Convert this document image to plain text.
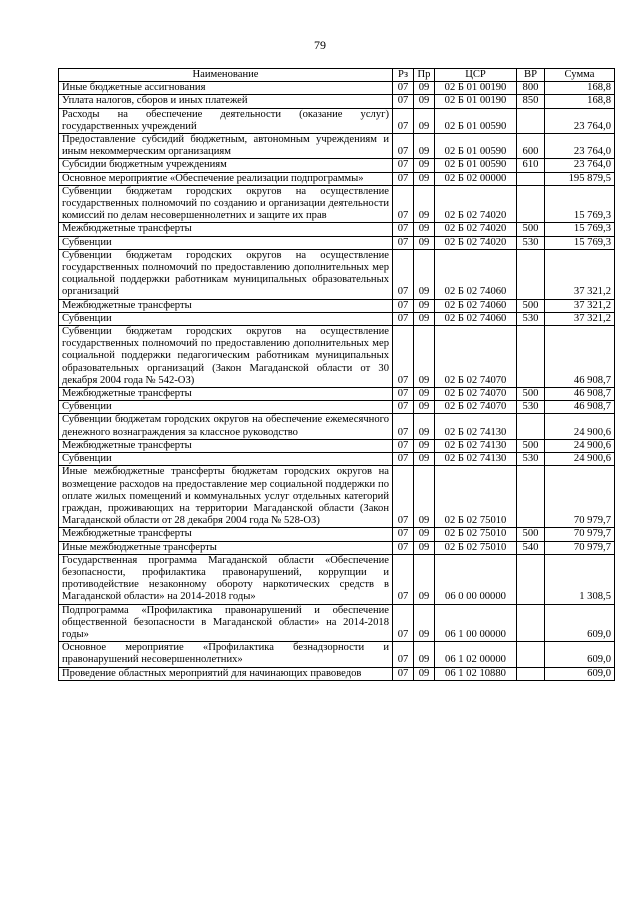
79
Наименование	Рз	Пр	ЦСР	ВР	Сумма
Иные бюджетные ассигнования	07	09	02 Б 01 00190	800	168,8
Уплата налогов, сборов и иных платежей	07	09	02 Б 01 00190	850	168,8
Расходы на обеспечение деятельности (оказание услуг) государственных учреждений	07	09	02 Б 01 00590		23 764,0
Предоставление субсидий бюджетным, автономным учреждениям и иным некоммерческим организациям	07	09	02 Б 01 00590	600	23 764,0
Субсидии бюджетным учреждениям	07	09	02 Б 01 00590	610	23 764,0
Основное мероприятие «Обеспечение реализации подпрограммы»	07	09	02 Б 02 00000		195 879,5
Субвенции бюджетам городских округов на осуществление государственных полномочий по созданию и организации деятельности комиссий по делам несовершеннолетних и защите их прав	07	09	02 Б 02 74020		15 769,3
Межбюджетные трансферты	07	09	02 Б 02 74020	500	15 769,3
Субвенции	07	09	02 Б 02 74020	530	15 769,3
Субвенции бюджетам городских округов на осуществление государственных полномочий по предоставлению дополнительных мер социальной поддержки работникам муниципальных образовательных организаций	07	09	02 Б 02 74060		37 321,2
Межбюджетные трансферты	07	09	02 Б 02 74060	500	37 321,2
Субвенции	07	09	02 Б 02 74060	530	37 321,2
Субвенции бюджетам городских округов на осуществление государственных полномочий по предоставлению дополнительных мер социальной поддержки педагогическим работникам муниципальных образовательных организаций (Закон Магаданской области от 30 декабря 2004 года № 542-ОЗ)	07	09	02 Б 02 74070		46 908,7
Межбюджетные трансферты	07	09	02 Б 02 74070	500	46 908,7
Субвенции	07	09	02 Б 02 74070	530	46 908,7
Субвенции бюджетам городских округов на обеспечение ежемесячного денежного вознаграждения за классное руководство	07	09	02 Б 02 74130		24 900,6
Межбюджетные трансферты	07	09	02 Б 02 74130	500	24 900,6
Субвенции	07	09	02 Б 02 74130	530	24 900,6
Иные межбюджетные трансферты бюджетам городских округов на возмещение расходов на предоставление мер социальной поддержки по оплате жилых помещений и коммунальных услуг отдельных категорий граждан, проживающих на территории Магаданской области (Закон Магаданской области от 28 декабря 2004 года № 528-ОЗ)	07	09	02 Б 02 75010		70 979,7
Межбюджетные трансферты	07	09	02 Б 02 75010	500	70 979,7
Иные межбюджетные трансферты	07	09	02 Б 02 75010	540	70 979,7
Государственная программа Магаданской области «Обеспечение безопасности, профилактика правонарушений, коррупции и противодействие незаконному обороту наркотических средств в Магаданской области» на 2014-2018 годы»	07	09	06 0 00 00000		1 308,5
Подпрограмма «Профилактика правонарушений и обеспечение общественной безопасности в Магаданской области» на 2014-2018 годы»	07	09	06 1 00 00000		609,0
Основное мероприятие «Профилактика безнадзорности и правонарушений несовершеннолетних»	07	09	06 1 02 00000		609,0
Проведение областных мероприятий для начинающих правоведов	07	09	06 1 02 10880		609,0
